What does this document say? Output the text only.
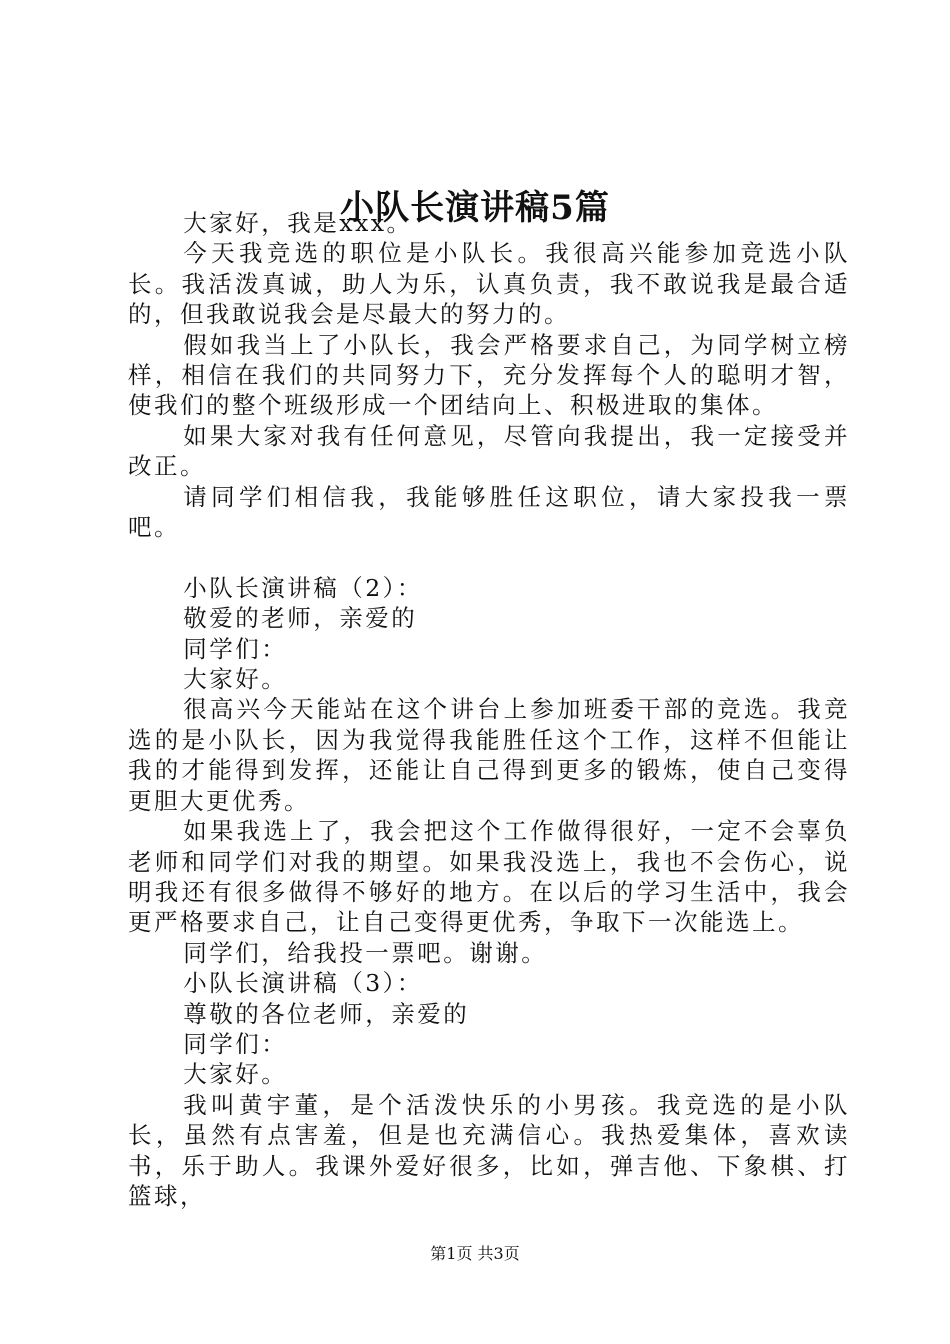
小队长演讲稿5篇

大家好，我是xxx。

今天我竞选的职位是小队长。我很高兴能参加竞选小队长。我活泼真诚，助人为乐，认真负责，我不敢说我是最合适的，但我敢说我会是尽最大的努力的。

假如我当上了小队长，我会严格要求自己，为同学树立榜样，相信在我们的共同努力下，充分发挥每个人的聪明才智，使我们的整个班级形成一个团结向上、积极进取的集体。

如果大家对我有任何意见，尽管向我提出，我一定接受并改正。

请同学们相信我，我能够胜任这职位，请大家投我一票吧。

小队长演讲稿（2）：

敬爱的老师，亲爱的

同学们：

大家好。

很高兴今天能站在这个讲台上参加班委干部的竞选。我竞选的是小队长，因为我觉得我能胜任这个工作，这样不但能让我的才能得到发挥，还能让自己得到更多的锻炼，使自己变得更胆大更优秀。

如果我选上了，我会把这个工作做得很好，一定不会辜负老师和同学们对我的期望。如果我没选上，我也不会伤心，说明我还有很多做得不够好的地方。在以后的学习生活中，我会更严格要求自己，让自己变得更优秀，争取下一次能选上。

同学们，给我投一票吧。谢谢。

小队长演讲稿（3）：

尊敬的各位老师，亲爱的

同学们：

大家好。

我叫黄宇董，是个活泼快乐的小男孩。我竞选的是小队长，虽然有点害羞，但是也充满信心。我热爱集体，喜欢读书，乐于助人。我课外爱好很多，比如，弹吉他、下象棋、打篮球，

第1页 共3页
